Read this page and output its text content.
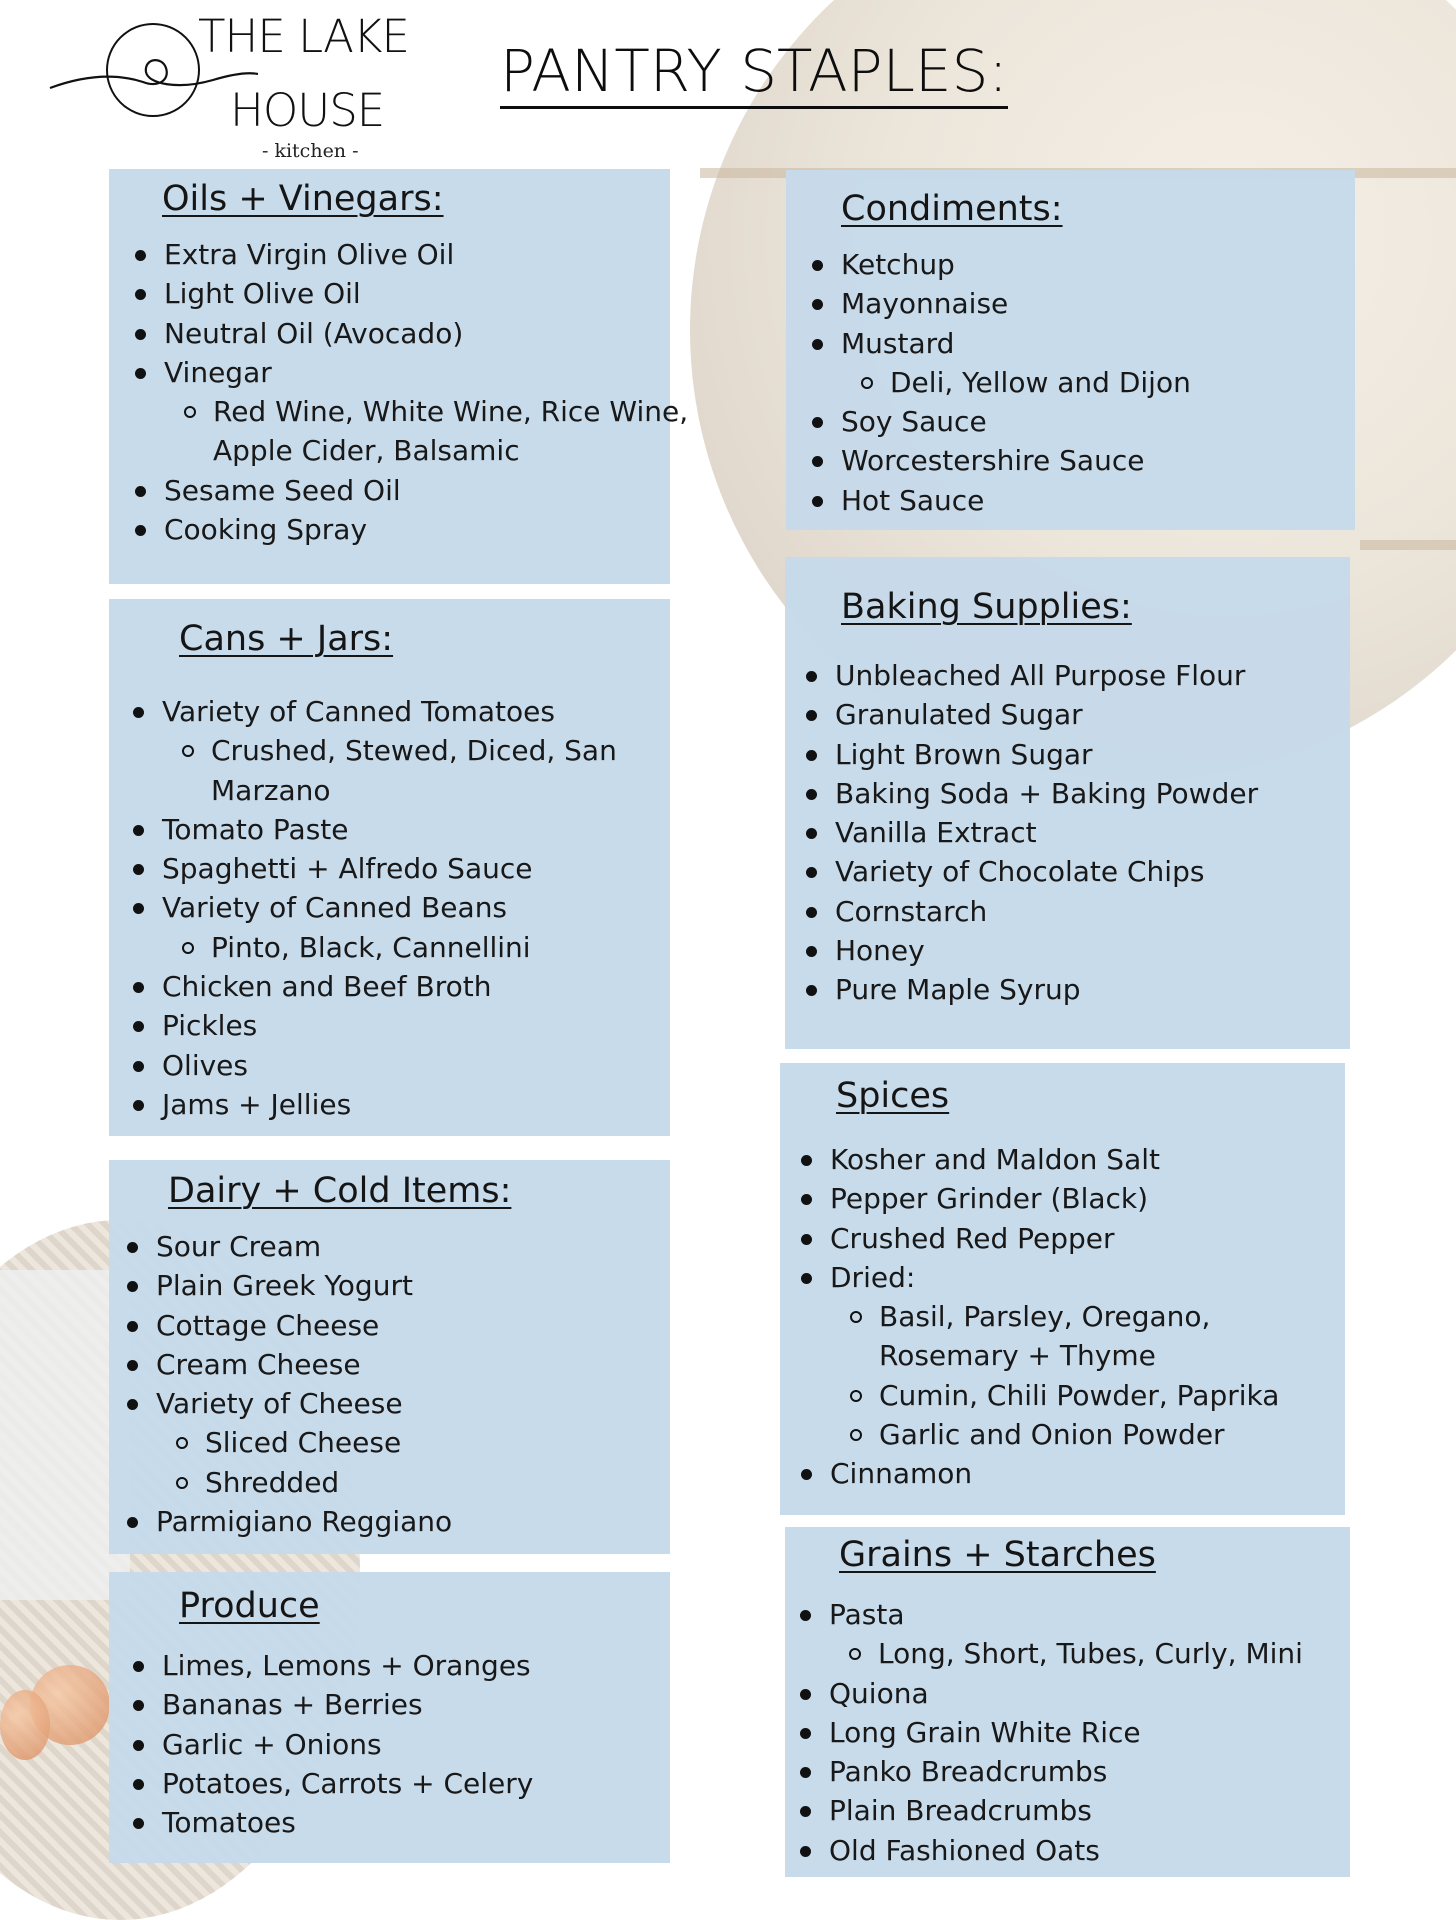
THE LAKE
HOUSE
- kitchen -
PANTRY STAPLES:
Oils + Vinegars:
Extra Virgin Olive Oil
Light Olive Oil
Neutral Oil (Avocado)
Vinegar
Red Wine, White Wine, Rice Wine,
Apple Cider, Balsamic
Sesame Seed Oil
Cooking Spray
Cans + Jars:
Variety of Canned Tomatoes
Crushed, Stewed, Diced, San
Marzano
Tomato Paste
Spaghetti + Alfredo Sauce
Variety of Canned Beans
Pinto, Black, Cannellini
Chicken and Beef Broth
Pickles
Olives
Jams + Jellies
Dairy + Cold Items:
Sour Cream
Plain Greek Yogurt
Cottage Cheese
Cream Cheese
Variety of Cheese
Sliced Cheese
Shredded
Parmigiano Reggiano
Produce
Limes, Lemons + Oranges
Bananas + Berries
Garlic + Onions
Potatoes, Carrots + Celery
Tomatoes
Condiments:
Ketchup
Mayonnaise
Mustard
Deli, Yellow and Dijon
Soy Sauce
Worcestershire Sauce
Hot Sauce
Baking Supplies:
Unbleached All Purpose Flour
Granulated Sugar
Light Brown Sugar
Baking Soda + Baking Powder
Vanilla Extract
Variety of Chocolate Chips
Cornstarch
Honey
Pure Maple Syrup
Spices
Kosher and Maldon Salt
Pepper Grinder (Black)
Crushed Red Pepper
Dried:
Basil, Parsley, Oregano,
Rosemary + Thyme
Cumin, Chili Powder, Paprika
Garlic and Onion Powder
Cinnamon
Grains + Starches
Pasta
Long, Short, Tubes, Curly, Mini
Quiona
Long Grain White Rice
Panko Breadcrumbs
Plain Breadcrumbs
Old Fashioned Oats
